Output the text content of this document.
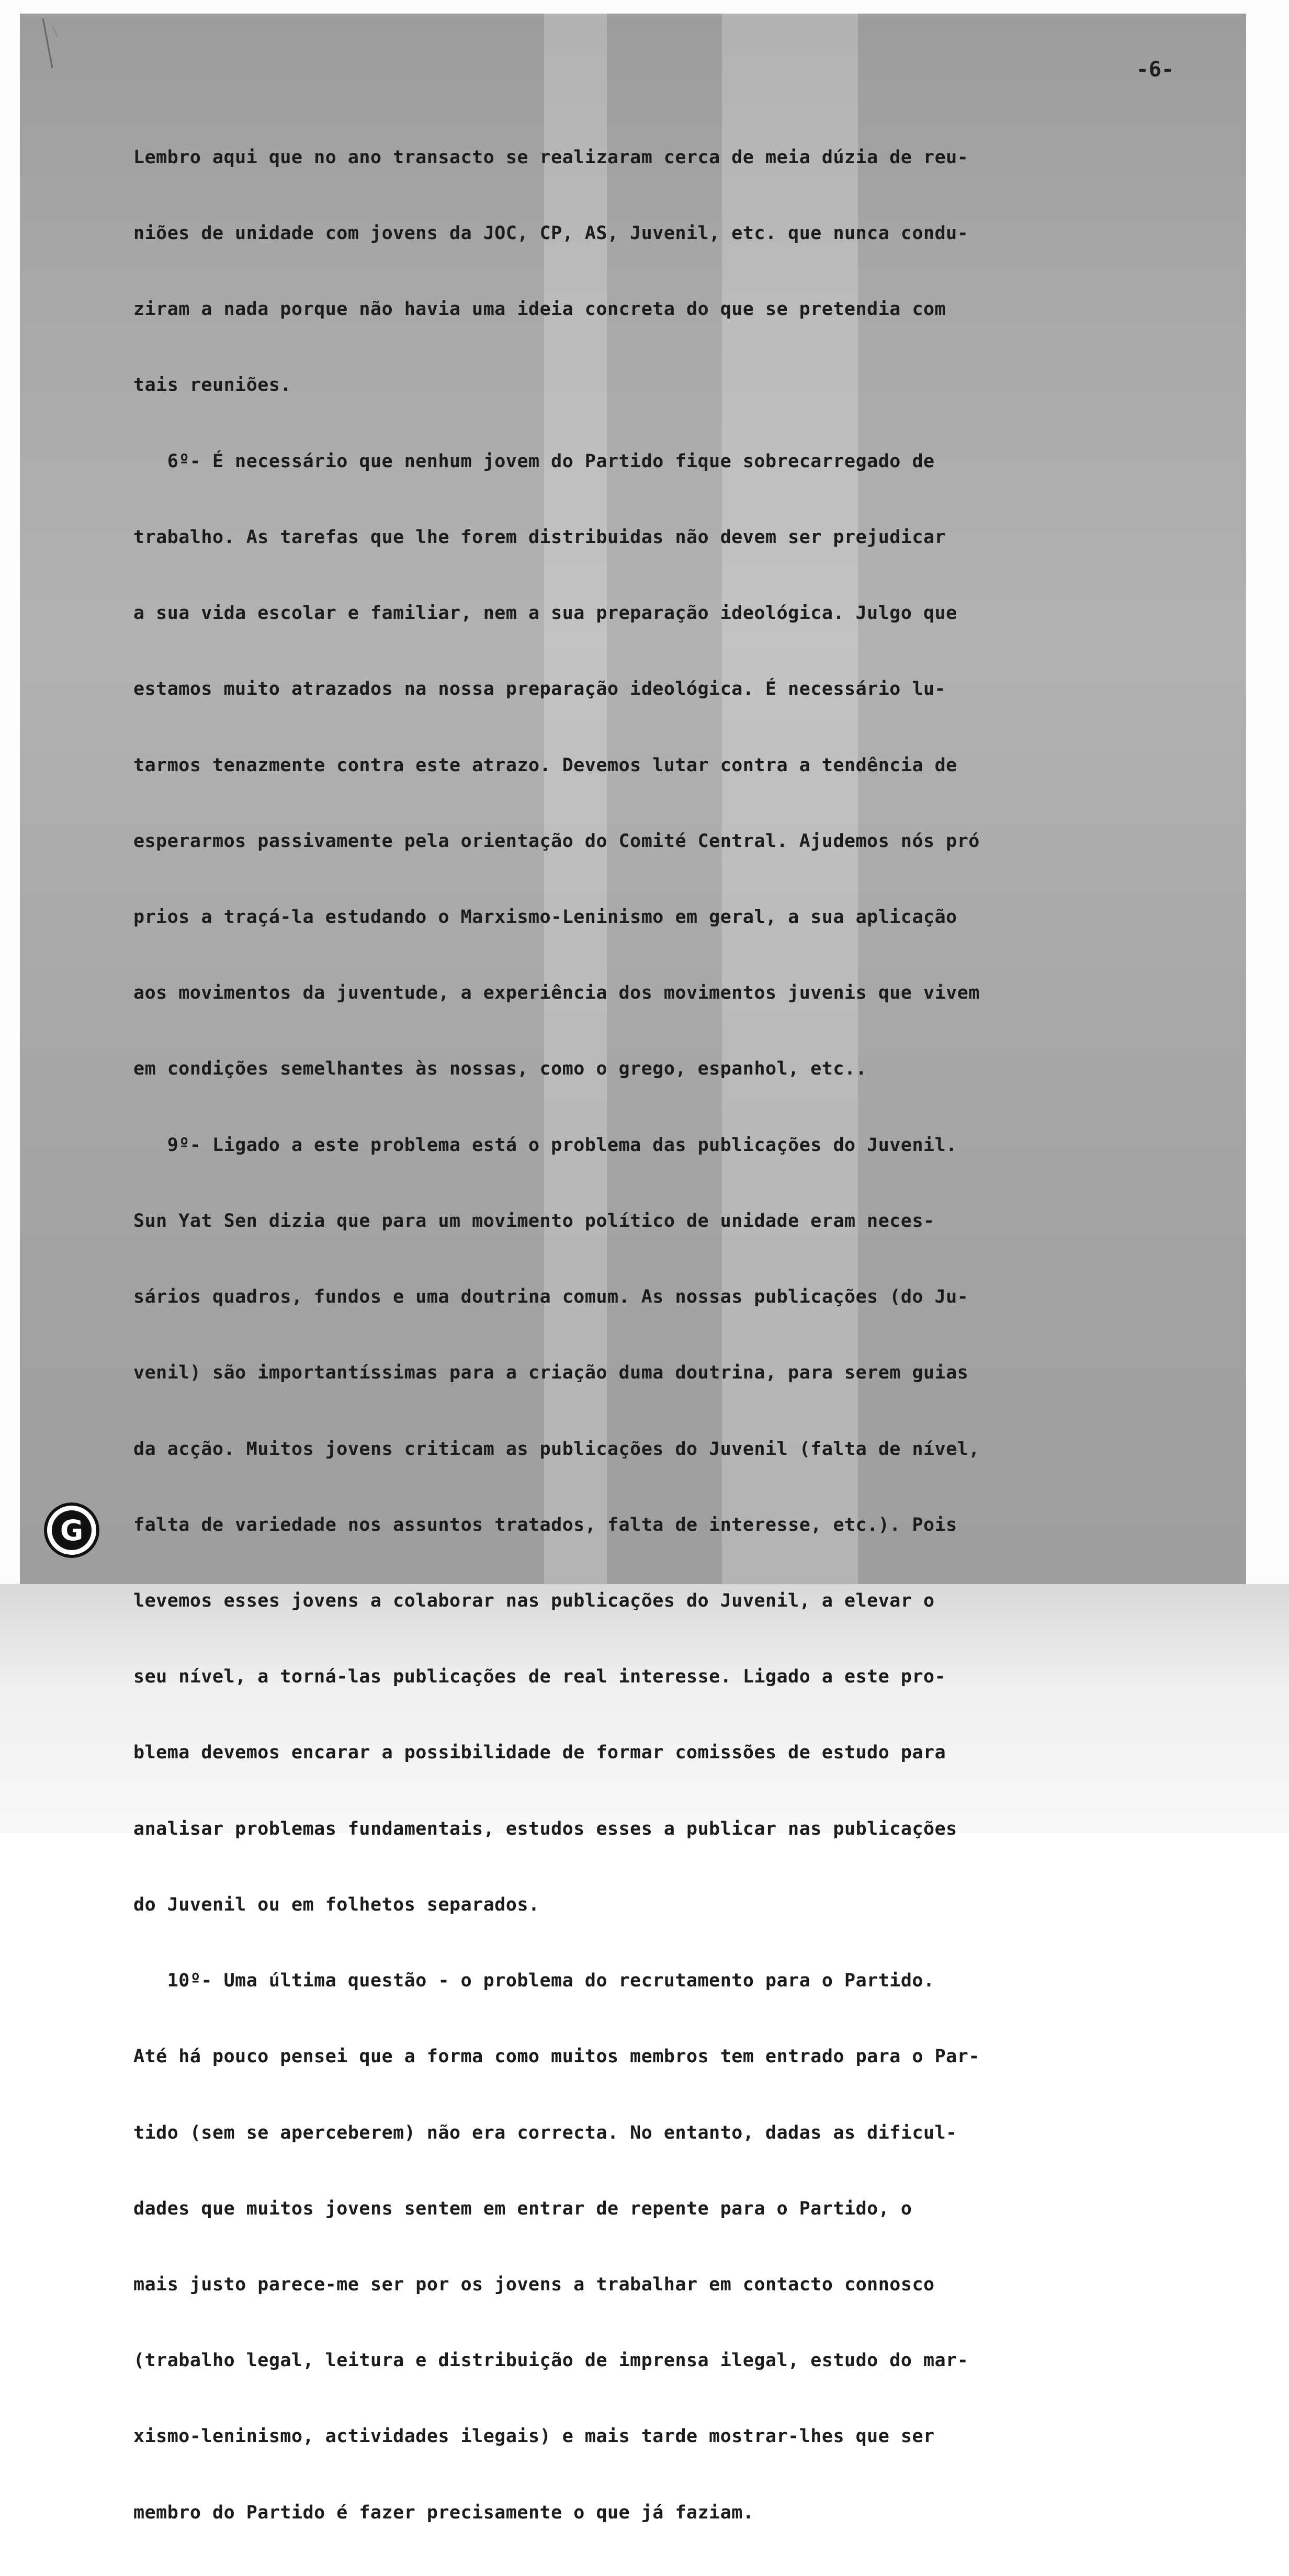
-6-

Lembro aqui que no ano transacto se realizaram cerca de meia dúzia de reu-

niões de unidade com jovens da JOC, CP, AS, Juvenil, etc. que nunca condu-

ziram a nada porque não havia uma ideia concreta do que se pretendia com

tais reuniões.

6º- É necessário que nenhum jovem do Partido fique sobrecarregado de

trabalho. As tarefas que lhe forem distribuidas não devem ser prejudicar

a sua vida escolar e familiar, nem a sua preparação ideológica. Julgo que

estamos muito atrazados na nossa preparação ideológica. É necessário lu-

tarmos tenazmente contra este atrazo. Devemos lutar contra a tendência de

esperarmos passivamente pela orientação do Comité Central. Ajudemos nós pró

prios a traçá-la estudando o Marxismo-Leninismo em geral, a sua aplicação

aos movimentos da juventude, a experiência dos movimentos juvenis que vivem

em condições semelhantes às nossas, como o grego, espanhol, etc..

9º- Ligado a este problema está o problema das publicações do Juvenil.

Sun Yat Sen dizia que para um movimento político de unidade eram neces-

sários quadros, fundos e uma doutrina comum. As nossas publicações (do Ju-

venil) são importantíssimas para a criação duma doutrina, para serem guias

da acção. Muitos jovens criticam as publicações do Juvenil (falta de nível,

falta de variedade nos assuntos tratados, falta de interesse, etc.). Pois

levemos esses jovens a colaborar nas publicações do Juvenil, a elevar o

seu nível, a torná-las publicações de real interesse. Ligado a este pro-

blema devemos encarar a possibilidade de formar comissões de estudo para

analisar problemas fundamentais, estudos esses a publicar nas publicações

do Juvenil ou em folhetos separados.

10º- Uma última questão - o problema do recrutamento para o Partido.

Até há pouco pensei que a forma como muitos membros tem entrado para o Par-

tido (sem se aperceberem) não era correcta. No entanto, dadas as dificul-

dades que muitos jovens sentem em entrar de repente para o Partido, o

mais justo parece-me ser por os jovens a trabalhar em contacto connosco

(trabalho legal, leitura e distribuição de imprensa ilegal, estudo do mar-

xismo-leninismo, actividades ilegais) e mais tarde mostrar-lhes que ser

membro do Partido é fazer precisamente o que já faziam.

G
